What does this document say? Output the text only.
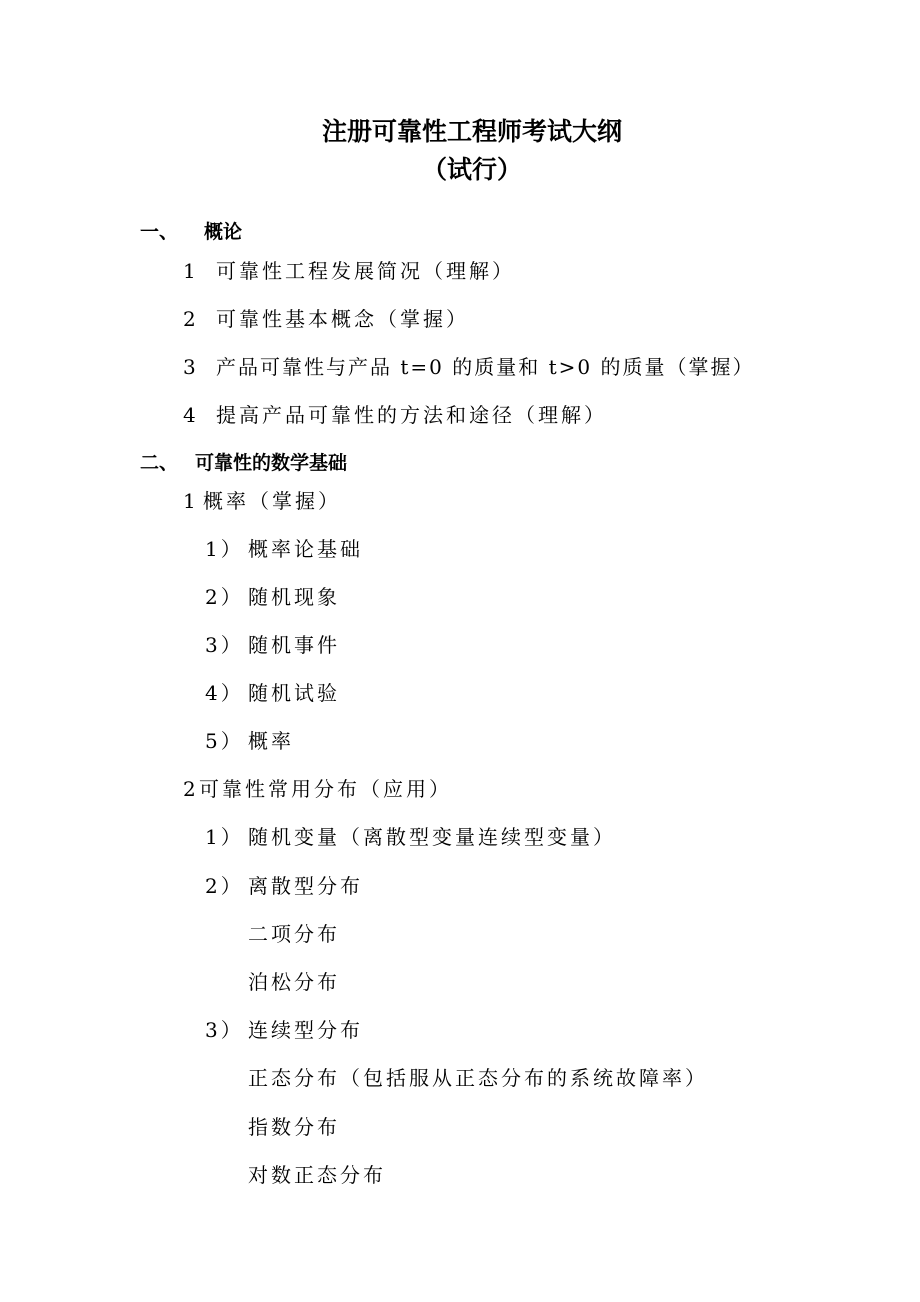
注册可靠性工程师考试大纲
（试行）
一、 概论
1 可靠性工程发展简况（理解）
2 可靠性基本概念（掌握）
3 产品可靠性与产品 t=0 的质量和 t>0 的质量（掌握）
4 提高产品可靠性的方法和途径（理解）
二、 可靠性的数学基础
1 概率（掌握）
1） 概率论基础
2） 随机现象
3） 随机事件
4） 随机试验
5） 概率
2可靠性常用分布（应用）
1） 随机变量（离散型变量连续型变量）
2） 离散型分布
二项分布
泊松分布
3） 连续型分布
正态分布（包括服从正态分布的系统故障率）
指数分布
对数正态分布
